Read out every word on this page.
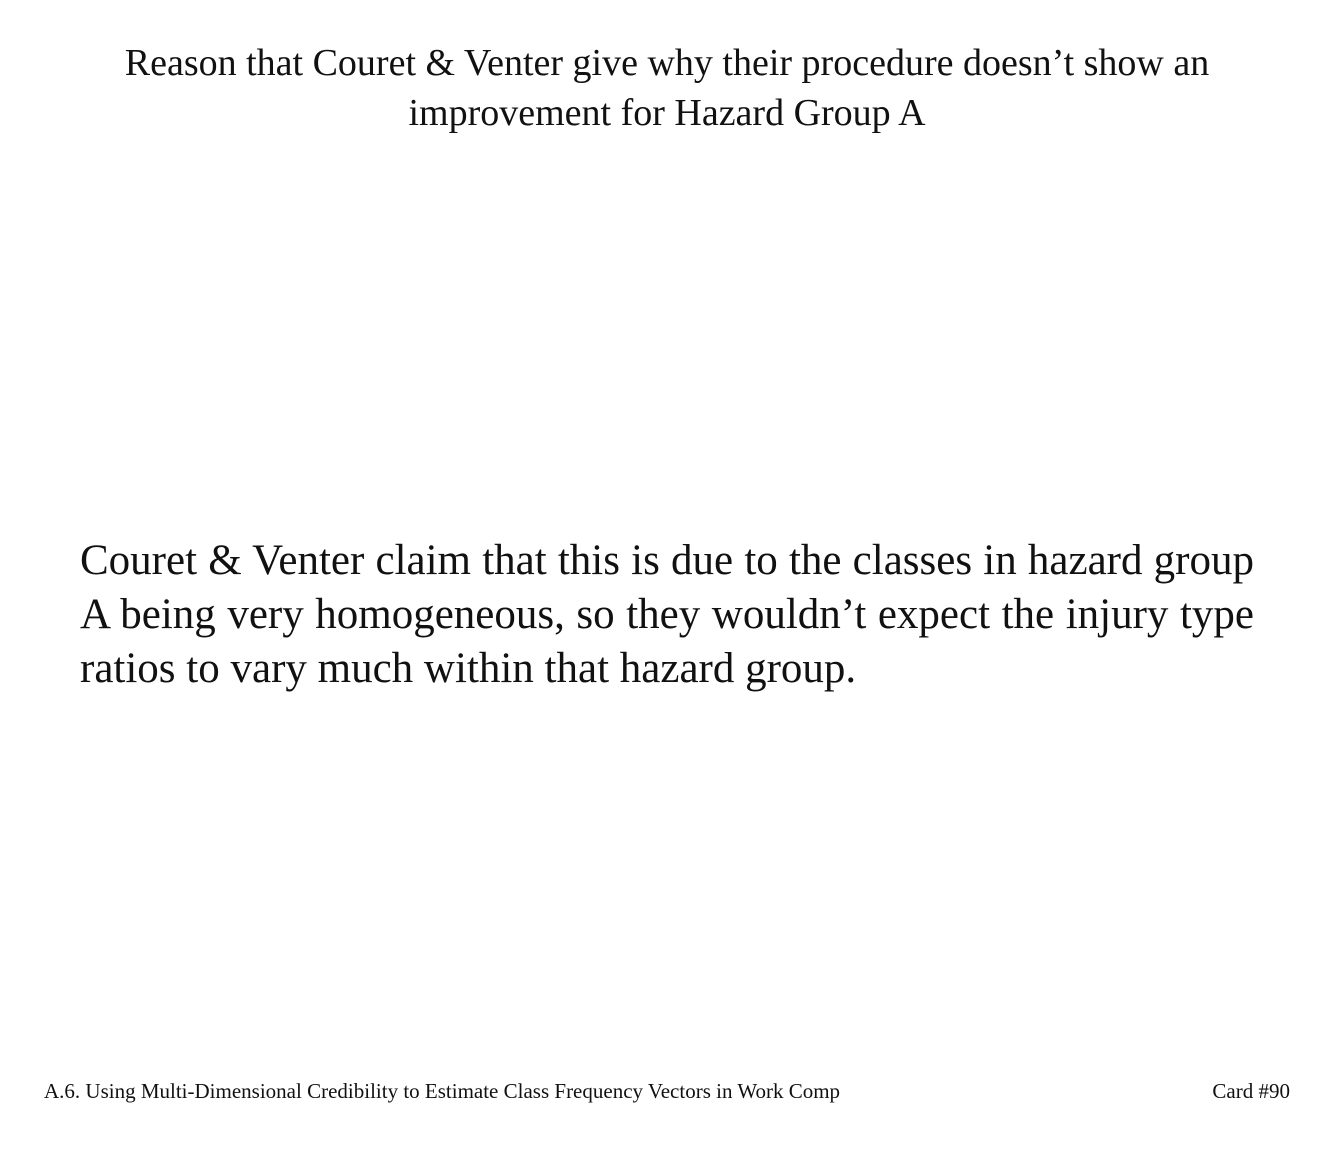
Reason that Couret & Venter give why their procedure doesn’t show an improvement for Hazard Group A

Couret & Venter claim that this is due to the classes in hazard group A being very homogeneous, so they wouldn’t expect the injury type ratios to vary much within that hazard group.

A.6. Using Multi-Dimensional Credibility to Estimate Class Frequency Vectors in Work Comp	Card #90
